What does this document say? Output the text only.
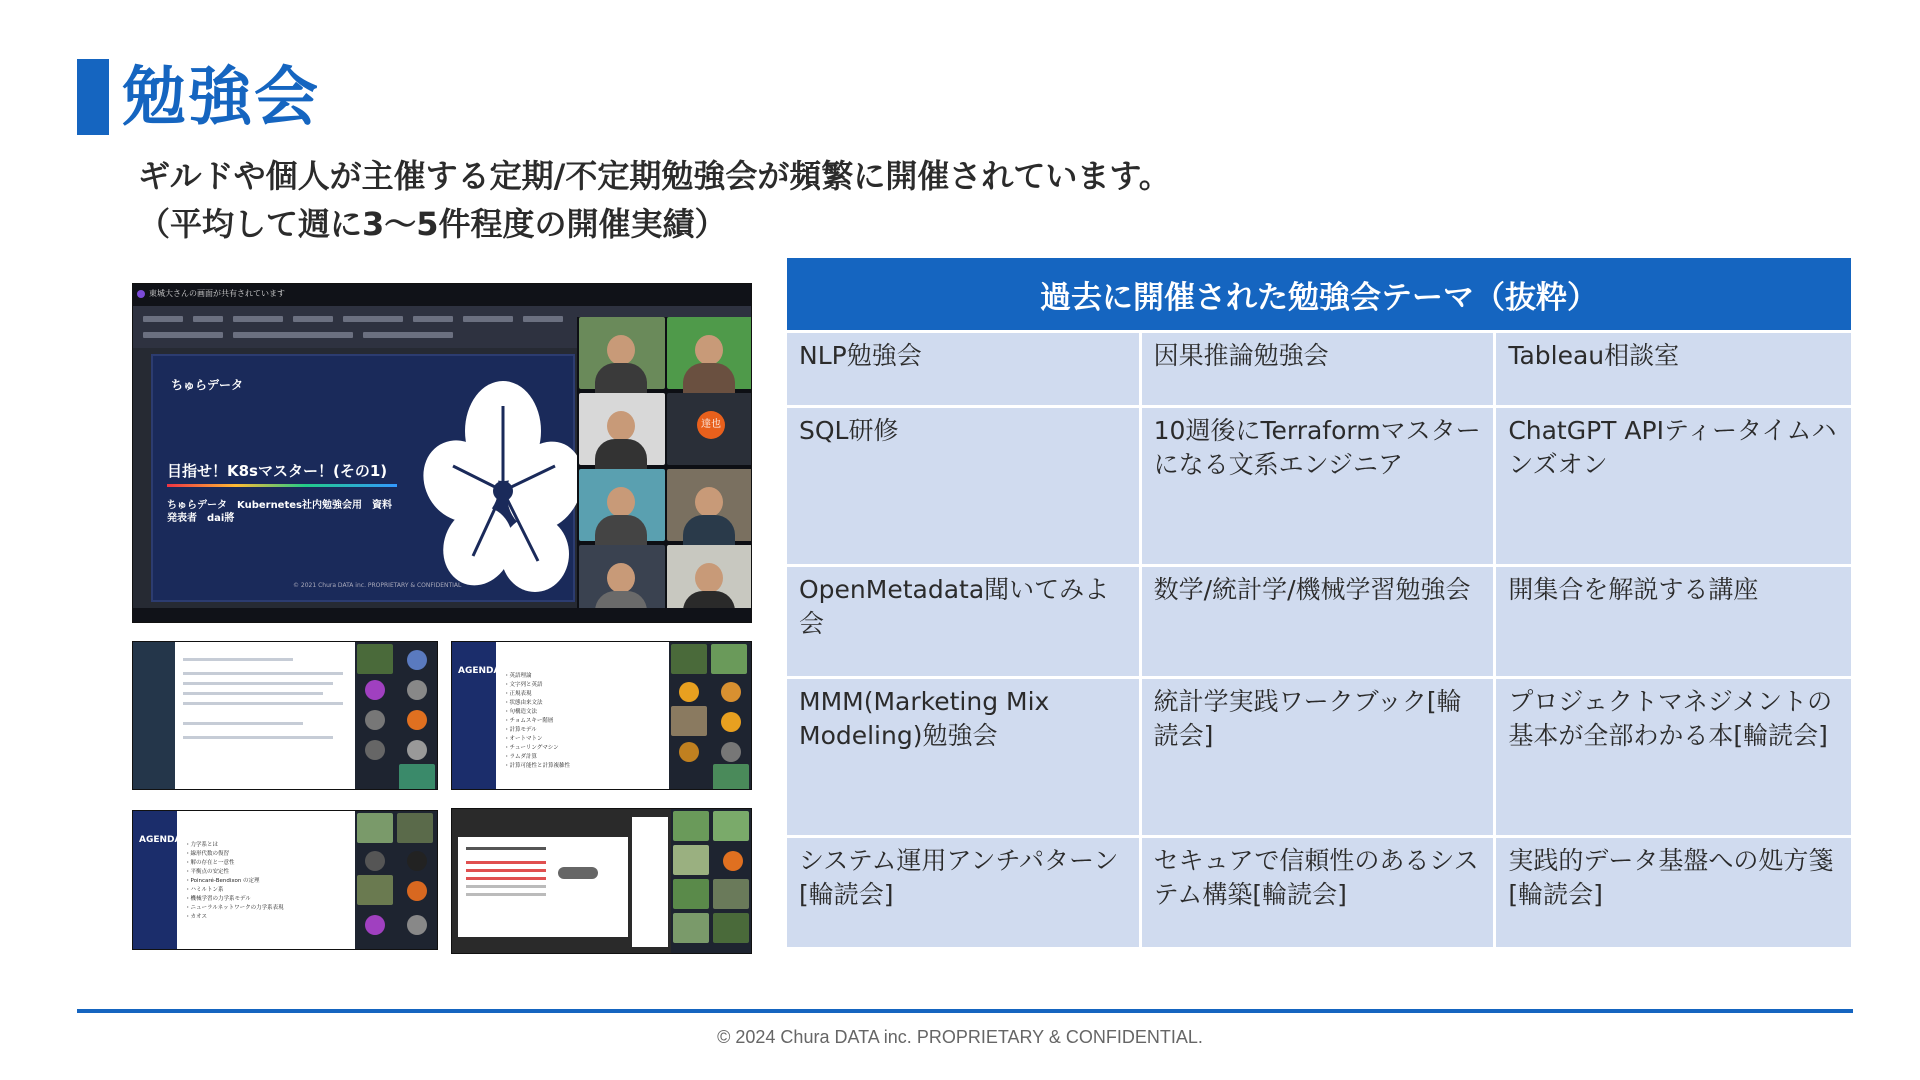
勉強会
ギルドや個人が主催する定期/不定期勉強会が頻繁に開催されています。
（平均して週に3〜5件程度の開催実績）
東城大さんの画面が共有されています
ちゅらデータ
目指せ！K8sマスター！(その1)
ちゅらデータ　Kubernetes社内勉強会用　資料
発表者　dai將
© 2021 Chura DATA inc. PROPRIETARY & CONFIDENTIAL
達也
AGENDA ・英語理論
・文字列と英語
・正規表現
・状態由来文法
・句構造文法
・チョムスキー階層
・計算モデル
・オートマトン
・チューリングマシン
・ラムダ計算
・計算可能性と計算複雑性
AGENDA ・力学系とは
・線形代数の復習
・解の存在と一意性
・平衡点の安定性
・Poincaré-Bendixon の定理
・ハミルトン系
・機械学習の力学系モデル
・ニューラルネットワークの力学系表現
・カオス
過去に開催された勉強会テーマ（抜粋）		
NLP勉強会	因果推論勉強会	Tableau相談室
SQL研修	10週後にTerraformマスターになる文系エンジニア	ChatGPT APIティータイムハンズオン
OpenMetadata聞いてみよ会	数学/統計学/機械学習勉強会	開集合を解説する講座
MMM(Marketing Mix Modeling)勉強会	統計学実践ワークブック[輪読会]	プロジェクトマネジメントの基本が全部わかる本[輪読会]
システム運用アンチパターン[輪読会]	セキュアで信頼性のあるシステム構築[輪読会]	実践的データ基盤への処方箋[輪読会]
© 2024 Chura DATA inc. PROPRIETARY & CONFIDENTIAL.
